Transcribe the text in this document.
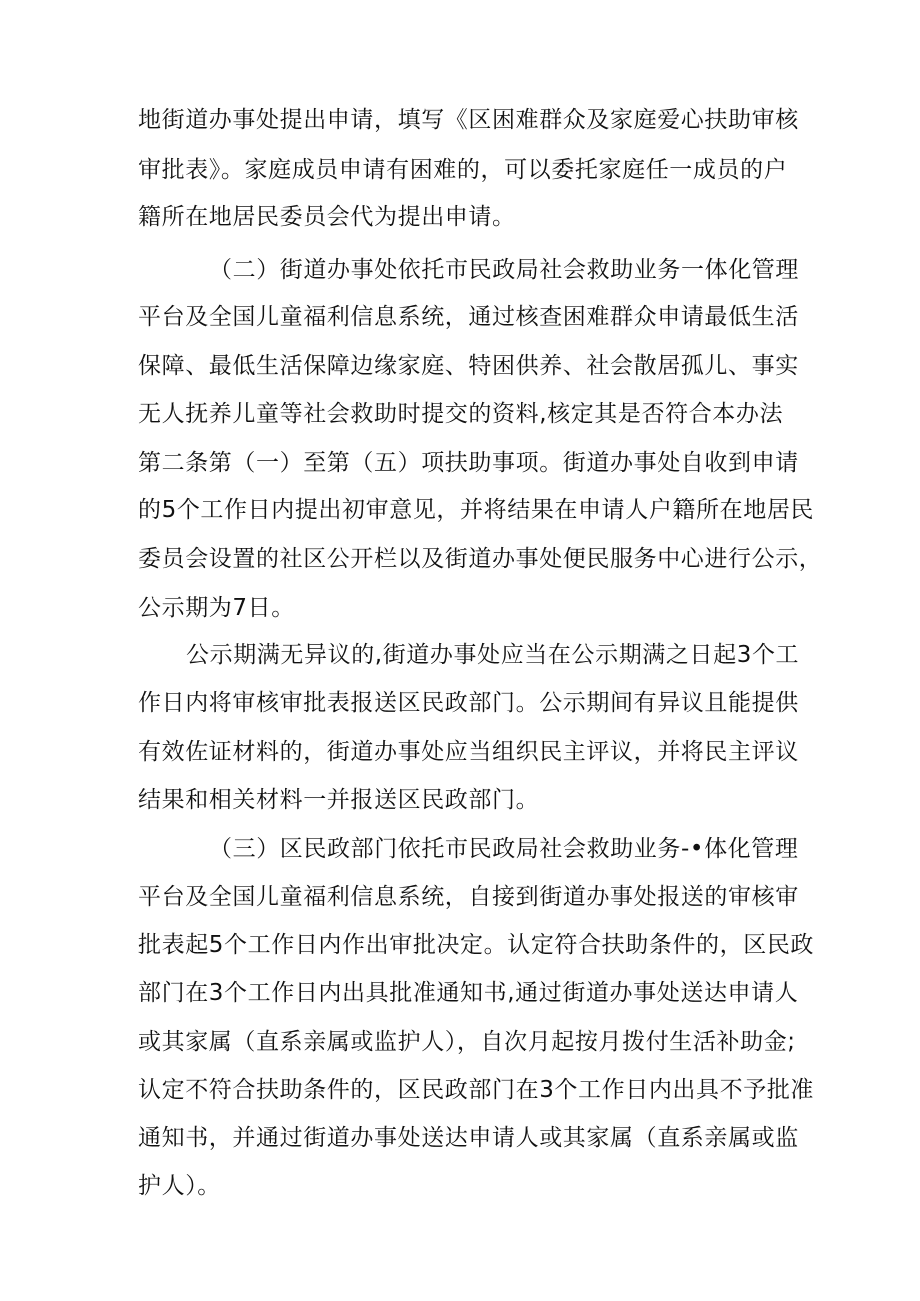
地街道办事处提出申请，填写《区困难群众及家庭爱心扶助审核
审批表》。家庭成员申请有困难的，可以委托家庭任一成员的户
籍所在地居民委员会代为提出申请。
（二）街道办事处依托市民政局社会救助业务一体化管理
平台及全国儿童福利信息系统，通过核查困难群众申请最低生活
保障、最低生活保障边缘家庭、特困供养、社会散居孤儿、事实
无人抚养儿童等社会救助时提交的资料,核定其是否符合本办法
第二条第（一）至第（五）项扶助事项。街道办事处自收到申请
的5个工作日内提出初审意见，并将结果在申请人户籍所在地居民
委员会设置的社区公开栏以及街道办事处便民服务中心进行公示，
公示期为7日。
公示期满无异议的,街道办事处应当在公示期满之日起3个工
作日内将审核审批表报送区民政部门。公示期间有异议且能提供
有效佐证材料的，街道办事处应当组织民主评议，并将民主评议
结果和相关材料一并报送区民政部门。
（三）区民政部门依托市民政局社会救助业务-•体化管理
平台及全国儿童福利信息系统，自接到街道办事处报送的审核审
批表起5个工作日内作出审批决定。认定符合扶助条件的，区民政
部门在3个工作日内出具批准通知书,通过街道办事处送达申请人
或其家属（直系亲属或监护人），自次月起按月拨付生活补助金;
认定不符合扶助条件的，区民政部门在3个工作日内出具不予批准
通知书，并通过街道办事处送达申请人或其家属（直系亲属或监
护人）。
